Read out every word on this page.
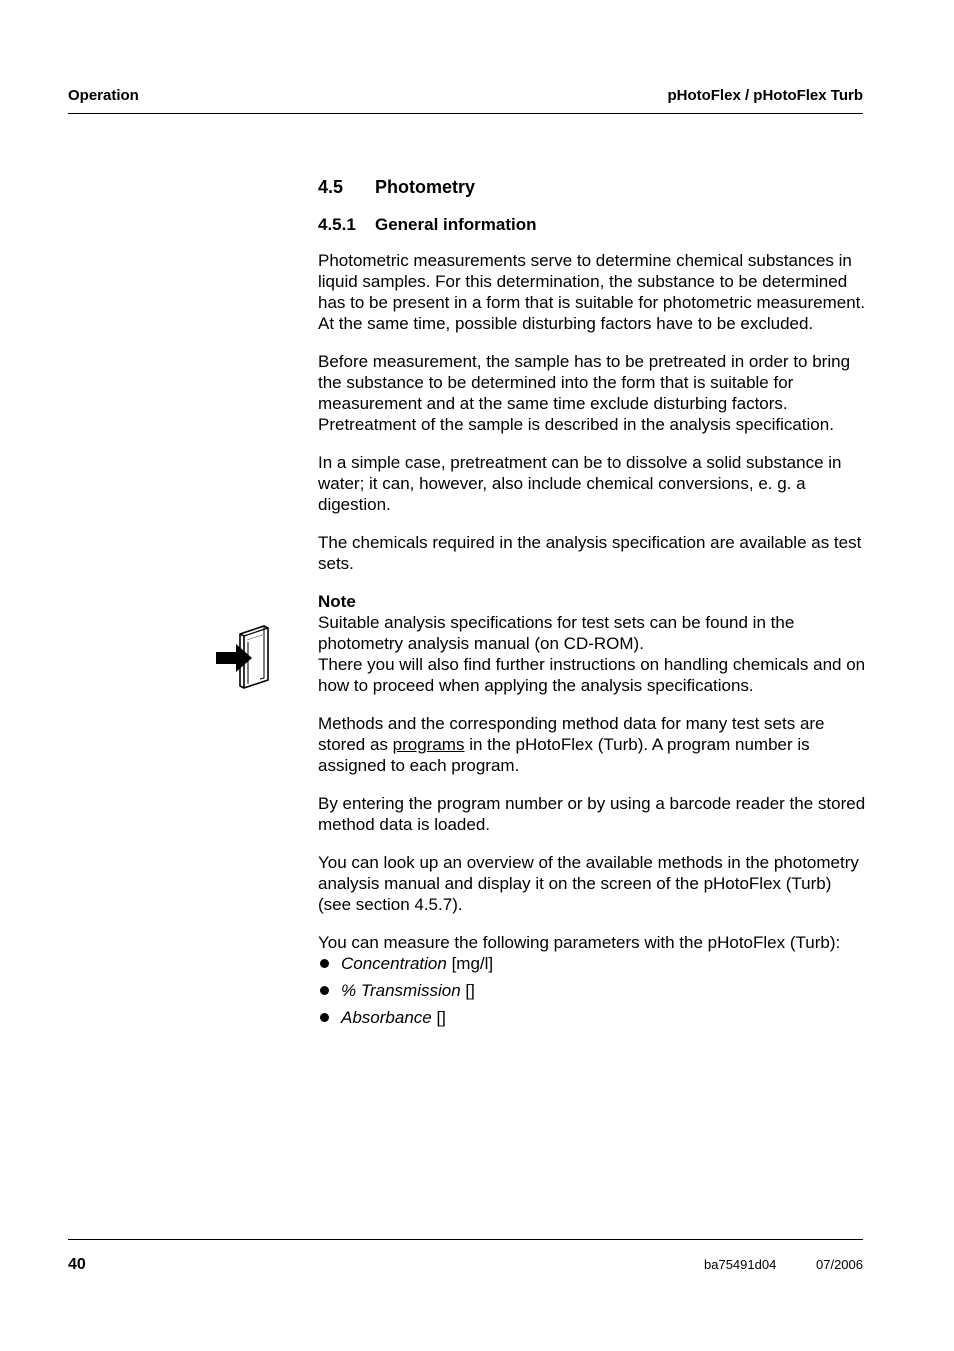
Operation	pHotoFlex / pHotoFlex Turb
4.5 Photometry
4.5.1 General information

Photometric measurements serve to determine chemical substances in liquid samples. For this determination, the substance to be determined has to be present in a form that is suitable for photometric measurement. At the same time, possible disturbing factors have to be excluded.

Before measurement, the sample has to be pretreated in order to bring the substance to be determined into the form that is suitable for measurement and at the same time exclude disturbing factors. Pretreatment of the sample is described in the analysis specification.

In a simple case, pretreatment can be to dissolve a solid substance in water; it can, however, also include chemical conversions, e. g. a digestion.

The chemicals required in the analysis specification are available as test sets.

Note
Suitable analysis specifications for test sets can be found in the photometry analysis manual (on CD-ROM).
There you will also find further instructions on handling chemicals and on how to proceed when applying the analysis specifications.

Methods and the corresponding method data for many test sets are stored as programs in the pHotoFlex (Turb). A program number is assigned to each program.

By entering the program number or by using a barcode reader the stored method data is loaded.

You can look up an overview of the available methods in the photometry analysis manual and display it on the screen of the pHotoFlex (Turb) (see section 4.5.7).

You can measure the following parameters with the pHotoFlex (Turb):
Concentration [mg/l]
% Transmission []
Absorbance []
40	ba75491d04	07/2006
